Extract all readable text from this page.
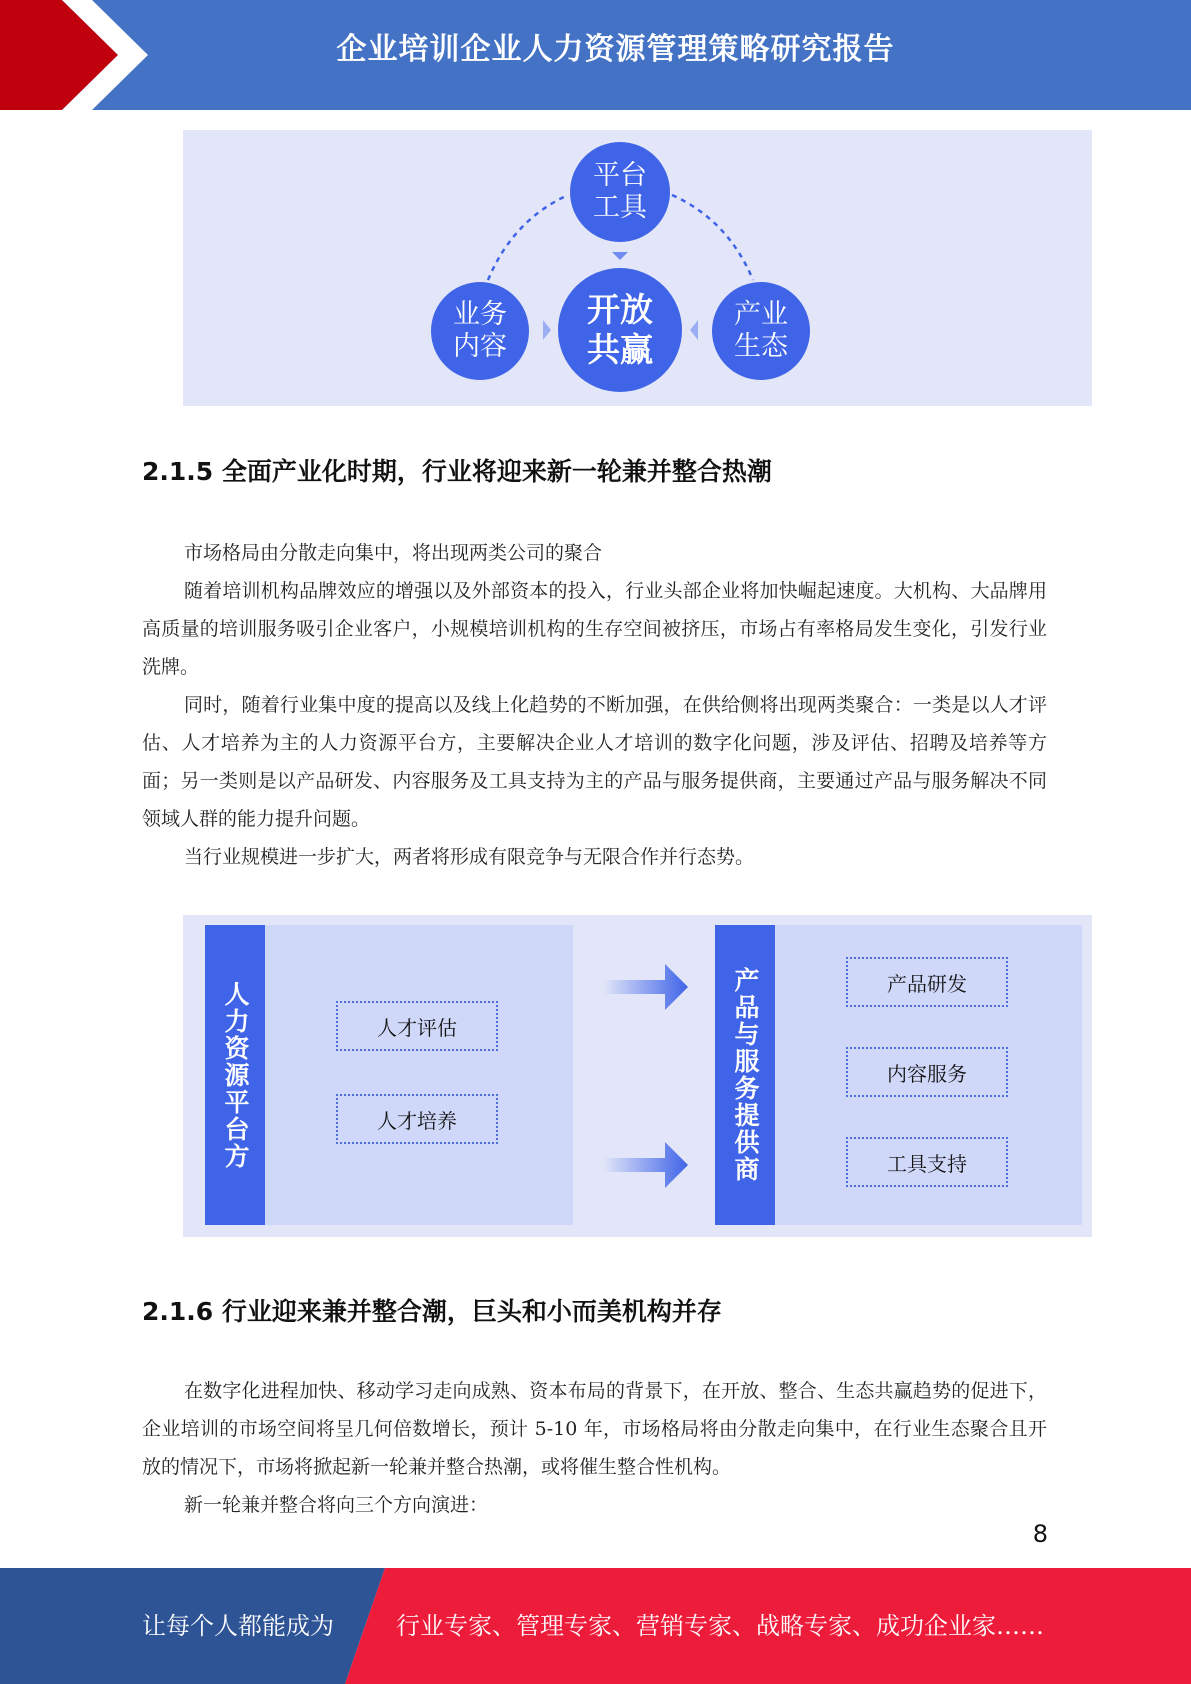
企业培训企业人力资源管理策略研究报告
平台
工具
业务
内容
产业
生态
开放
共赢
2.1.5 全面产业化时期，行业将迎来新一轮兼并整合热潮

市场格局由分散走向集中，将出现两类公司的聚合

随着培训机构品牌效应的增强以及外部资本的投入，行业头部企业将加快崛起速度。大机构、大品牌用高质量的培训服务吸引企业客户，小规模培训机构的生存空间被挤压，市场占有率格局发生变化，引发行业洗牌。

同时，随着行业集中度的提高以及线上化趋势的不断加强，在供给侧将出现两类聚合：一类是以人才评估、人才培养为主的人力资源平台方，主要解决企业人才培训的数字化问题，涉及评估、招聘及培养等方面；另一类则是以产品研发、内容服务及工具支持为主的产品与服务提供商，主要通过产品与服务解决不同领域人群的能力提升问题。

当行业规模进一步扩大，两者将形成有限竞争与无限合作并行态势。

人力资源平台方	人才评估
人才培养	产品与服务提供商	产品研发
内容服务
工具支持
2.1.6 行业迎来兼并整合潮，巨头和小而美机构并存

在数字化进程加快、移动学习走向成熟、资本布局的背景下，在开放、整合、生态共赢趋势的促进下，企业培训的市场空间将呈几何倍数增长，预计 5-10 年，市场格局将由分散走向集中，在行业生态聚合且开放的情况下，市场将掀起新一轮兼并整合热潮，或将催生整合性机构。

新一轮兼并整合将向三个方向演进：

8
让每个人都能成为	行业专家、管理专家、营销专家、战略专家、成功企业家……
